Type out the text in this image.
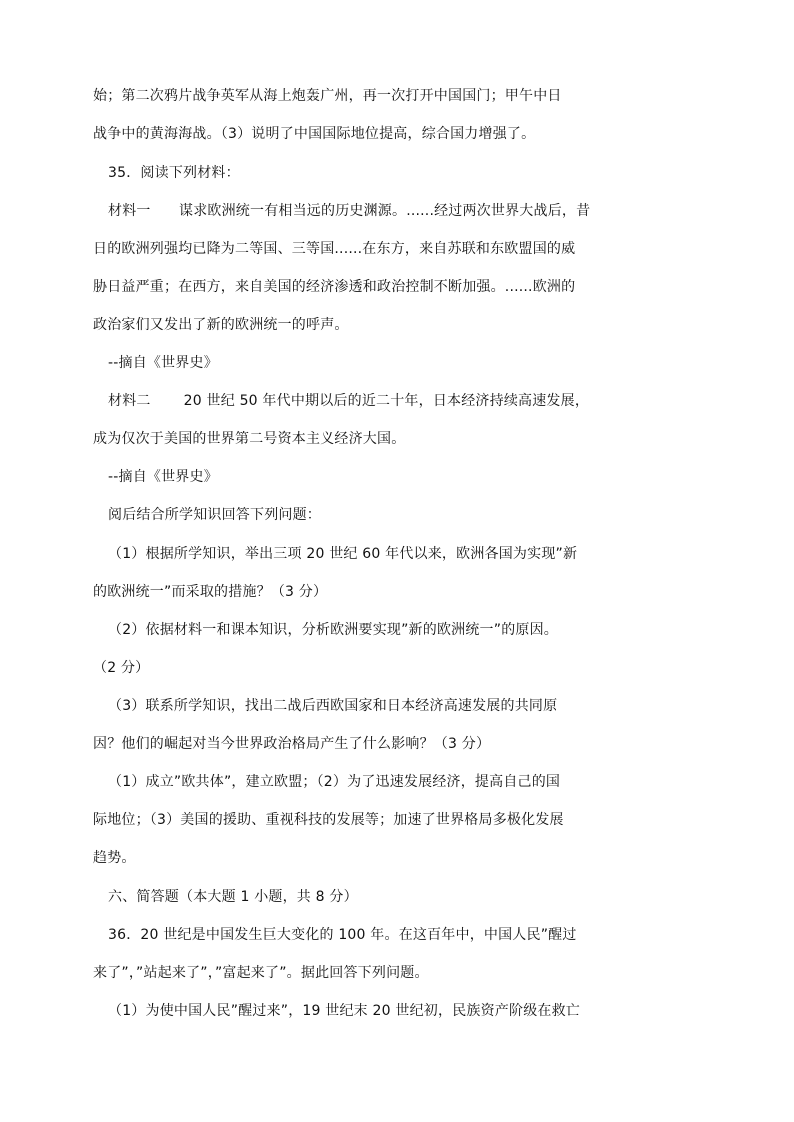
始；第二次鸦片战争英军从海上炮轰广州，再一次打开中国国门；甲午中日
战争中的黄海海战。（3）说明了中国国际地位提高，综合国力增强了。
35．阅读下列材料：
材料一　　谋求欧洲统一有相当远的历史渊源。......经过两次世界大战后，昔
日的欧洲列强均已降为二等国、三等国......在东方，来自苏联和东欧盟国的威
胁日益严重；在西方，来自美国的经济渗透和政治控制不断加强。......欧洲的
政治家们又发出了新的欧洲统一的呼声。
--摘自《世界史》
材料二　　 20 世纪 50 年代中期以后的近二十年，日本经济持续高速发展，
成为仅次于美国的世界第二号资本主义经济大国。
--摘自《世界史》
阅后结合所学知识回答下列问题：
（1）根据所学知识，举出三项 20 世纪 60 年代以来，欧洲各国为实现”新
的欧洲统一”而采取的措施？（3 分）
（2）依据材料一和课本知识，分析欧洲要实现”新的欧洲统一”的原因。
（2 分）
（3）联系所学知识，找出二战后西欧国家和日本经济高速发展的共同原
因？他们的崛起对当今世界政治格局产生了什么影响？（3 分）
（1）成立”欧共体”，建立欧盟；（2）为了迅速发展经济，提高自己的国
际地位；（3）美国的援助、重视科技的发展等；加速了世界格局多极化发展
趋势。
六、简答题（本大题 1 小题，共 8 分）
36．20 世纪是中国发生巨大变化的 100 年。在这百年中，中国人民”醒过
来了”，”站起来了”，”富起来了”。据此回答下列问题。
（1）为使中国人民”醒过来”，19 世纪末 20 世纪初，民族资产阶级在救亡
